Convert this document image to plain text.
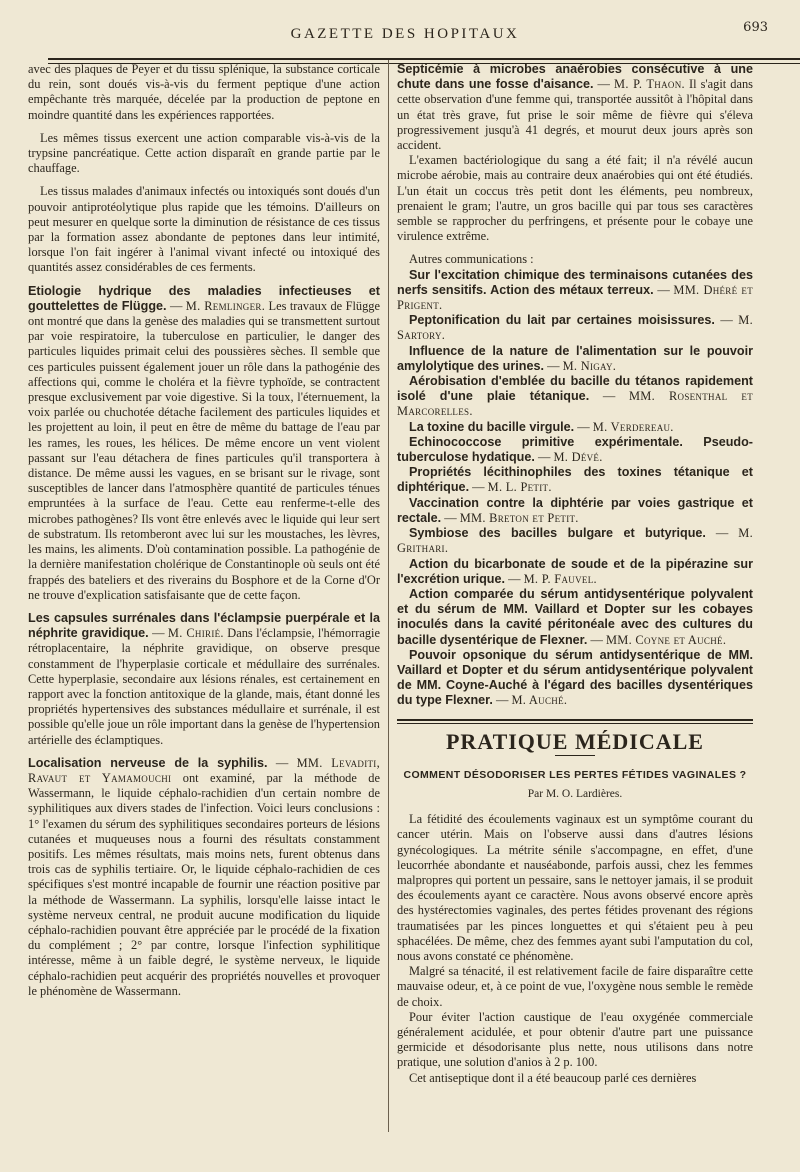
GAZETTE DES HOPITAUX	693

avec des plaques de Peyer et du tissu splénique, la substance corticale du rein, sont doués vis-à-vis du ferment peptique d'une action empêchante très marquée, décelée par la production de peptone en moindre quantité dans les expériences rapportées.

Les mêmes tissus exercent une action comparable vis-à-vis de la trypsine pancréatique. Cette action disparaît en grande partie par le chauffage.

Les tissus malades d'animaux infectés ou intoxiqués sont doués d'un pouvoir antiprotéolytique plus rapide que les témoins. D'ailleurs on peut mesurer en quelque sorte la diminution de résistance de ces tissus par la formation assez abondante de peptones dans leur intimité, lorsque l'on fait ingérer à l'animal vivant infecté ou intoxiqué des quantités assez considérables de ces ferments.

Etiologie hydrique des maladies infectieuses et gouttelettes de Flügge. — M. Remlinger. Les travaux de Flügge ont montré que dans la genèse des maladies qui se transmettent surtout par voie respiratoire, la tuberculose en particulier, le danger des particules liquides primait celui des poussières sèches. Il semble que ces particules puissent également jouer un rôle dans la pathogénie des affections qui, comme le choléra et la fièvre typhoïde, se contractent presque exclusivement par voie digestive. Si la toux, l'éternuement, la voix parlée ou chuchotée détache facilement des particules liquides et les projettent au loin, il peut en être de même du battage de l'eau par les rames, les roues, les hélices. De même encore un vent violent passant sur l'eau détachera de fines particules qu'il transportera à distance. De même aussi les vagues, en se brisant sur le rivage, sont susceptibles de lancer dans l'atmosphère quantité de particules ténues empruntées à la surface de l'eau. Cette eau renferme-t-elle des microbes pathogènes? Ils vont être enlevés avec le liquide qui leur sert de substratum. Ils retomberont avec lui sur les moustaches, les lèvres, les mains, les aliments. D'où contamination possible. La pathogénie de la dernière manifestation cholérique de Constantinople où seuls ont été frappés des bateliers et des riverains du Bosphore et de la Corne d'Or ne trouve d'explication satisfaisante que de cette façon.

Les capsules surrénales dans l'éclampsie puerpérale et la néphrite gravidique. — M. Chirié. Dans l'éclampsie, l'hémorragie rétroplacentaire, la néphrite gravidique, on observe presque constamment de l'hyperplasie corticale et médullaire des surrénales. Cette hyperplasie, secondaire aux lésions rénales, est certainement en rapport avec la fonction antitoxique de la glande, mais, étant donné les propriétés hypertensives des substances médullaire et surrénale, il est possible qu'elle joue un rôle important dans la genèse de l'hypertension artérielle des éclamptiques.

Localisation nerveuse de la syphilis. — MM. Levaditi, Ravaut et Yamamouchi ont examiné, par la méthode de Wassermann, le liquide céphalo-rachidien d'un certain nombre de syphilitiques aux divers stades de l'infection. Voici leurs conclusions : 1° l'examen du sérum des syphilitiques secondaires porteurs de lésions cutanées et muqueuses nous a fourni des résultats constamment positifs. Les mêmes résultats, mais moins nets, furent obtenus dans trois cas de syphilis tertiaire. Or, le liquide céphalo-rachidien de ces spécifiques s'est montré incapable de fournir une réaction positive par la méthode de Wassermann. La syphilis, lorsqu'elle laisse intact le système nerveux central, ne produit aucune modification du liquide céphalo-rachidien pouvant être appréciée par le procédé de la fixation du complément ; 2° par contre, lorsque l'infection syphilitique intéresse, même à un faible degré, le système nerveux, le liquide céphalo-rachidien peut acquérir des propriétés nouvelles et provoquer le phénomène de Wassermann.

Septicémie à microbes anaérobies consécutive à une chute dans une fosse d'aisance. — M. P. Thaon. Il s'agit dans cette observation d'une femme qui, transportée aussitôt à l'hôpital dans un état très grave, fut prise le soir même de fièvre qui s'éleva progressivement jusqu'à 41 degrés, et mourut deux jours après son accident.

L'examen bactériologique du sang a été fait; il n'a révélé aucun microbe aérobie, mais au contraire deux anaérobies qui ont été étudiés. L'un était un coccus très petit dont les éléments, peu nombreux, prenaient le gram; l'autre, un gros bacille qui par tous ses caractères semble se rapprocher du perfringens, et présente pour le cobaye une virulence extrême.

Autres communications :

Sur l'excitation chimique des terminaisons cutanées des nerfs sensitifs. Action des métaux terreux. — MM. Dhéré et Prigent.

Peptonification du lait par certaines moisissures. — M. Sartory.

Influence de la nature de l'alimentation sur le pouvoir amylolytique des urines. — M. Nigay.

Aérobisation d'emblée du bacille du tétanos rapidement isolé d'une plaie tétanique. — MM. Rosenthal et Marcorelles.

La toxine du bacille virgule. — M. Verdereau.

Echinococcose primitive expérimentale. Pseudo-tuberculose hydatique. — M. Dévé.

Propriétés lécithinophiles des toxines tétanique et diphtérique. — M. L. Petit.

Vaccination contre la diphtérie par voies gastrique et rectale. — MM. Breton et Petit.

Symbiose des bacilles bulgare et butyrique. — M. Grithari.

Action du bicarbonate de soude et de la pipérazine sur l'excrétion urique. — M. P. Fauvel.

Action comparée du sérum antidysentérique polyvalent et du sérum de MM. Vaillard et Dopter sur les cobayes inoculés dans la cavité péritonéale avec des cultures du bacille dysentérique de Flexner. — MM. Coyne et Auché.

Pouvoir opsonique du sérum antidysentérique de MM. Vaillard et Dopter et du sérum antidysentérique polyvalent de MM. Coyne-Auché à l'égard des bacilles dysentériques du type Flexner. — M. Auché.

PRATIQUE MÉDICALE
COMMENT DÉSODORISER LES PERTES FÉTIDES VAGINALES ?
Par M. O. Lardières.

La fétidité des écoulements vaginaux est un symptôme courant du cancer utérin. Mais on l'observe aussi dans d'autres lésions gynécologiques. La métrite sénile s'accompagne, en effet, d'une leucorrhée abondante et nauséabonde, parfois aussi, chez les femmes malpropres qui portent un pessaire, sans le nettoyer jamais, il se produit des écoulements ayant ce caractère. Nous avons observé encore après des hystérectomies vaginales, des pertes fétides provenant des régions traumatisées par les pinces longuettes et qui s'étaient peu à peu sphacélées. De même, chez des femmes ayant subi l'amputation du col, nous avons constaté ce phénomène.

Malgré sa ténacité, il est relativement facile de faire disparaître cette mauvaise odeur, et, à ce point de vue, l'oxygène nous semble le remède de choix.

Pour éviter l'action caustique de l'eau oxygénée commerciale généralement acidulée, et pour obtenir d'autre part une puissance germicide et désodorisante plus nette, nous utilisons dans notre pratique, une solution d'anios à 2 p. 100.

Cet antiseptique dont il a été beaucoup parlé ces dernières
